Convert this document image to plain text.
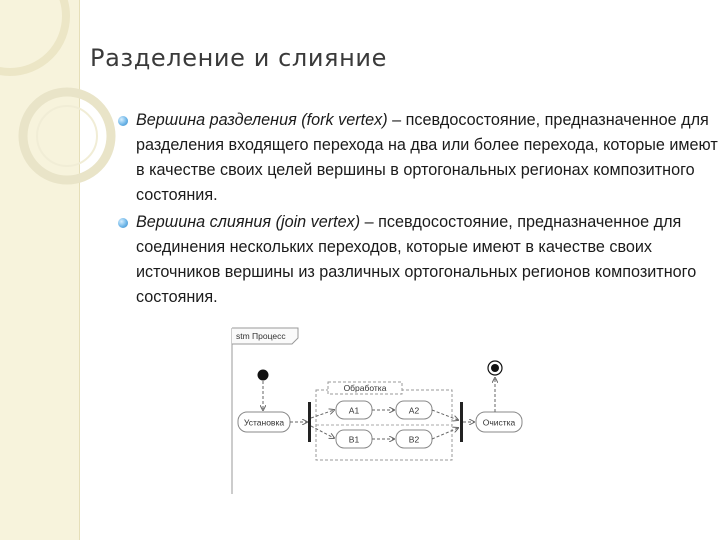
Разделение и слияние
Вершина разделения (fork vertex) – псевдосостояние, предназначенное для разделения входящего перехода на два или более перехода, которые имеют в качестве своих целей вершины в ортогональных регионах композитного состояния.
Вершина слияния (join vertex) – псевдосостояние, предназначенное для соединения нескольких переходов, которые имеют в качестве своих источников вершины из различных ортогональных регионов композитного состояния.
stm Процесс
Установка
Обработка
A1	A2
B1	B2
Очистка
